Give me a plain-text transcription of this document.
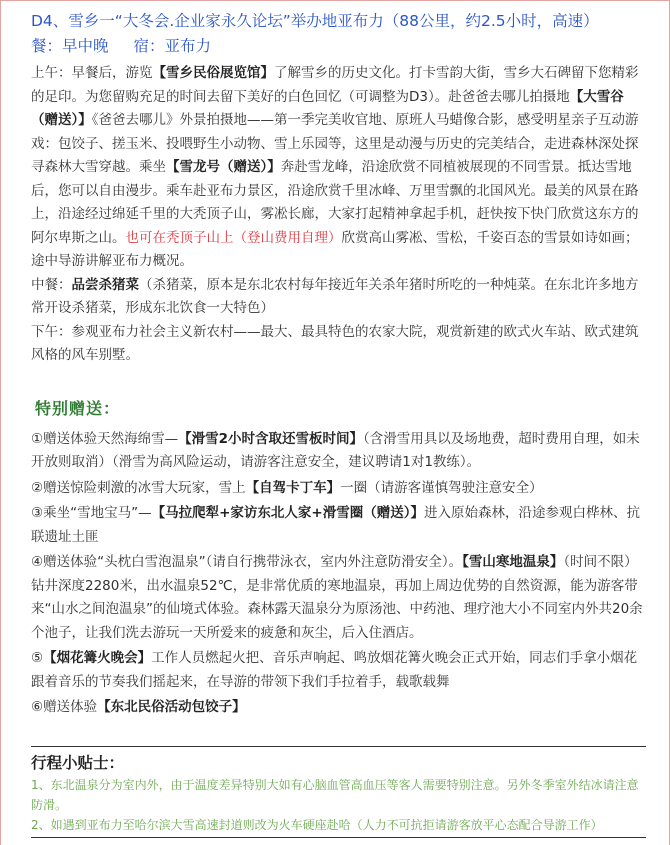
D4、雪乡一“大冬会.企业家永久论坛”举办地亚布力（88公里，约2.5小时，高速）
餐：早中晚 宿：亚布力
上午：早餐后，游览【雪乡民俗展览馆】了解雪乡的历史文化。打卡雪韵大街，雪乡大石碑留下您精彩的足印。为您留购充足的时间去留下美好的白色回忆（可调整为D3）。赴爸爸去哪儿拍摄地【大雪谷（赠送）】《爸爸去哪儿》外景拍摄地——第一季完美收官地、原班人马蜡像合影，感受明星亲子互动游戏：包饺子、搓玉米、投喂野生小动物、雪上乐园等，这里是动漫与历史的完美结合，走进森林深处探寻森林大雪穿越。乘坐【雪龙号（赠送）】奔赴雪龙峰，沿途欣赏不同植被展现的不同雪景。抵达雪地后，您可以自由漫步。乘车赴亚布力景区，沿途欣赏千里冰峰、万里雪飘的北国风光。最美的风景在路上，沿途经过绵延千里的大秃顶子山，雾凇长廊，大家打起精神拿起手机，赶快按下快门欣赏这东方的阿尔卑斯之山。也可在秃顶子山上（登山费用自理）欣赏高山雾凇、雪松，千姿百态的雪景如诗如画；途中导游讲解亚布力概况。
中餐：品尝杀猪菜（杀猪菜，原本是东北农村每年接近年关杀年猪时所吃的一种炖菜。在东北许多地方常开设杀猪菜，形成东北饮食一大特色）
下午：参观亚布力社会主义新农村——最大、最具特色的农家大院，观赏新建的欧式火车站、欧式建筑风格的风车别墅。
特别赠送：
①赠送体验天然海绵雪—【滑雪2小时含取还雪板时间】（含滑雪用具以及场地费，超时费用自理，如未开放则取消）（滑雪为高风险运动，请游客注意安全，建议聘请1对1教练）。
②赠送惊险刺激的冰雪大玩家，雪上【自驾卡丁车】一圈（请游客谨慎驾驶注意安全）
③乘坐“雪地宝马”—【马拉爬犁+家访东北人家+滑雪圈（赠送）】进入原始森林，沿途参观白桦林、抗联遗址土匪
④赠送体验“头枕白雪泡温泉”（请自行携带泳衣，室内外注意防滑安全）。【雪山寒地温泉】（时间不限）钻井深度2280米，出水温泉52℃，是非常优质的寒地温泉，再加上周边优势的自然资源，能为游客带来“山水之间泡温泉”的仙境式体验。森林露天温泉分为原汤池、中药池、理疗池大小不同室内外共20余个池子，让我们洗去游玩一天所爱来的疲惫和灰尘，后入住酒店。
⑤【烟花篝火晚会】工作人员燃起火把、音乐声响起、鸣放烟花篝火晚会正式开始，同志们手拿小烟花跟着音乐的节奏我们摇起来，在导游的带领下我们手拉着手，载歌载舞
⑥赠送体验【东北民俗活动包饺子】
行程小贴士：
1、东北温泉分为室内外，由于温度差异特别大如有心脑血管高血压等客人需要特别注意。另外冬季室外结冰请注意防滑。
2、如遇到亚布力至哈尔滨大雪高速封道则改为火车硬座赴哈（人力不可抗拒请游客放平心态配合导游工作）
